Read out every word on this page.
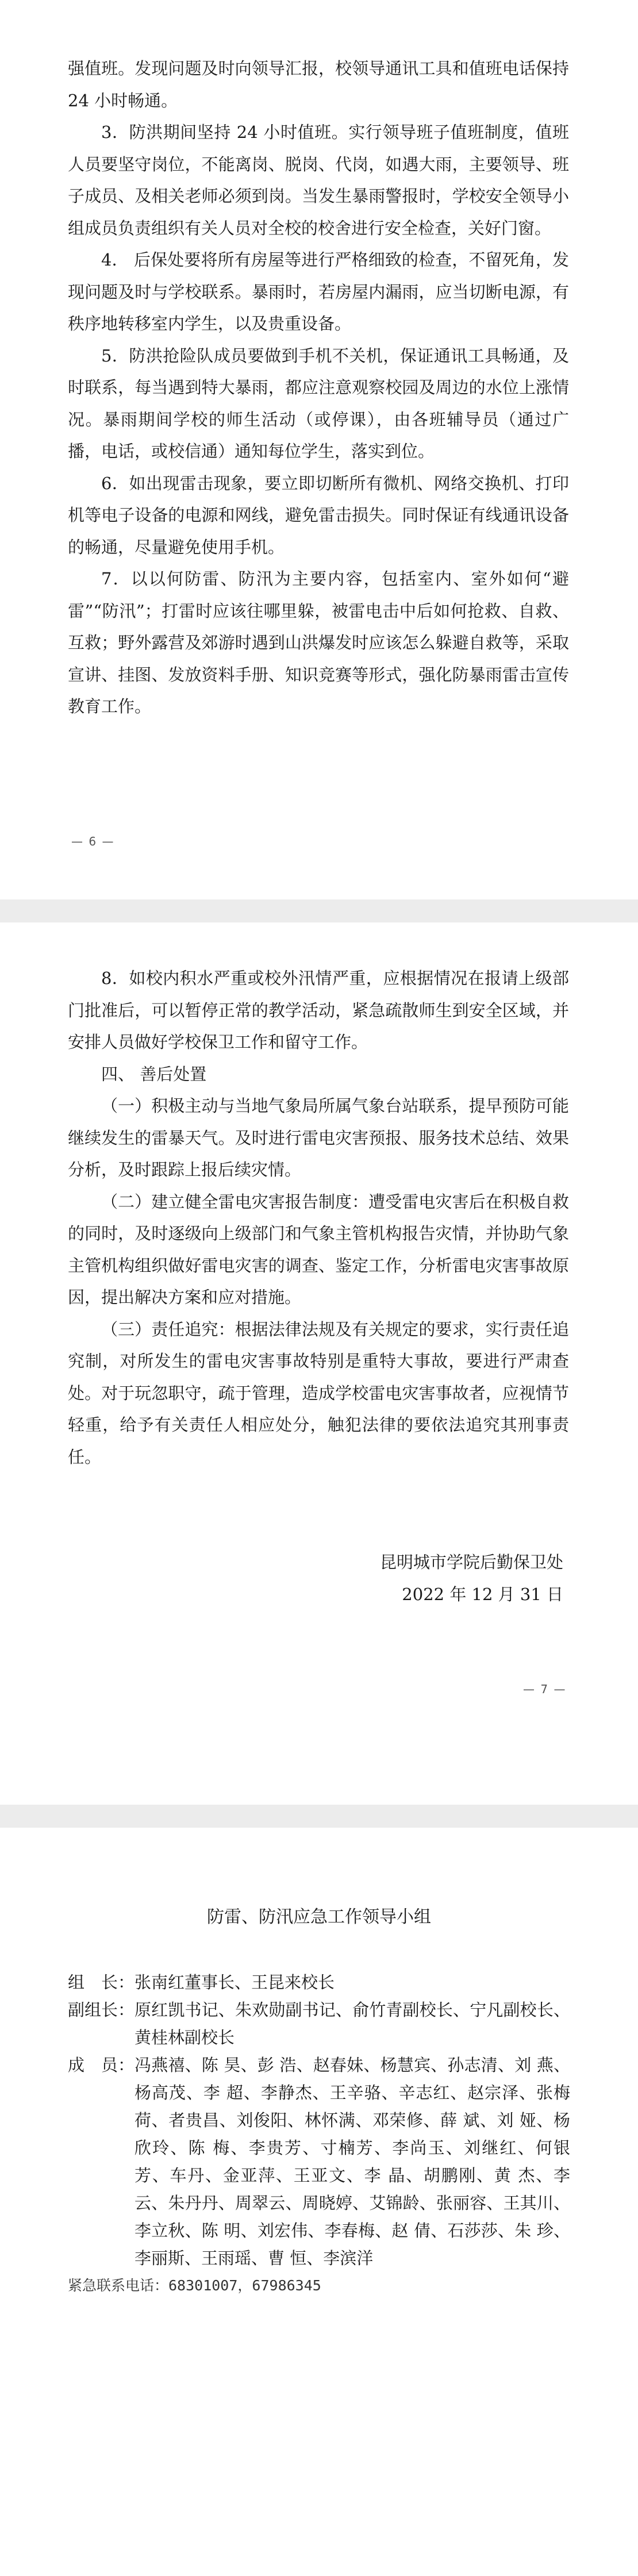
强值班。发现问题及时向领导汇报，校领导通讯工具和值班电话保持 24 小时畅通。

3．防洪期间坚持 24 小时值班。实行领导班子值班制度，值班人员要坚守岗位，不能离岗、脱岗、代岗，如遇大雨，主要领导、班子成员、及相关老师必须到岗。当发生暴雨警报时，学校安全领导小组成员负责组织有关人员对全校的校舍进行安全检查，关好门窗。

4． 后保处要将所有房屋等进行严格细致的检查，不留死角，发现问题及时与学校联系。暴雨时，若房屋内漏雨，应当切断电源，有秩序地转移室内学生，以及贵重设备。

5．防洪抢险队成员要做到手机不关机，保证通讯工具畅通，及时联系，每当遇到特大暴雨，都应注意观察校园及周边的水位上涨情况。暴雨期间学校的师生活动（或停课），由各班辅导员（通过广播，电话，或校信通）通知每位学生，落实到位。

6．如出现雷击现象，要立即切断所有微机、网络交换机、打印机等电子设备的电源和网线，避免雷击损失。同时保证有线通讯设备的畅通，尽量避免使用手机。

7．以以何防雷、防汛为主要内容，包括室内、室外如何“避雷”“防汛”；打雷时应该往哪里躲，被雷电击中后如何抢救、自救、互救；野外露营及郊游时遇到山洪爆发时应该怎么躲避自救等，采取宣讲、挂图、发放资料手册、知识竞赛等形式，强化防暴雨雷击宣传教育工作。

— 6 —

8．如校内积水严重或校外汛情严重，应根据情况在报请上级部门批准后，可以暂停正常的教学活动，紧急疏散师生到安全区域，并安排人员做好学校保卫工作和留守工作。

四、 善后处置

（一）积极主动与当地气象局所属气象台站联系，提早预防可能继续发生的雷暴天气。及时进行雷电灾害预报、服务技术总结、效果分析，及时跟踪上报后续灾情。

（二）建立健全雷电灾害报告制度：遭受雷电灾害后在积极自救的同时，及时逐级向上级部门和气象主管机构报告灾情，并协助气象主管机构组织做好雷电灾害的调查、鉴定工作，分析雷电灾害事故原因，提出解决方案和应对措施。

（三）责任追究：根据法律法规及有关规定的要求，实行责任追究制，对所发生的雷电灾害事故特别是重特大事故，要进行严肃查处。对于玩忽职守，疏于管理，造成学校雷电灾害事故者，应视情节轻重，给予有关责任人相应处分，触犯法律的要依法追究其刑事责任。

昆明城市学院后勤保卫处
2022 年 12 月 31 日
— 7 —
防雷、防汛应急工作领导小组
组　长： 张南红董事长、王昆来校长
副组长： 原红凯书记、朱欢勋副书记、俞竹青副校长、宁凡副校长、黄桂林副校长
成　员： 冯燕禧、陈 昊、彭 浩、赵春妹、杨慧宾、孙志清、刘 燕、杨高茂、李 超、李静杰、王辛骆、辛志红、赵宗泽、张梅荷、者贵昌、刘俊阳、林怀满、邓荣修、薛 斌、刘 娅、杨欣玲、陈 梅、李贵芳、寸楠芳、李尚玉、刘继红、何银芳、车丹、金亚萍、王亚文、李 晶、胡鹏刚、黄 杰、李 云、朱丹丹、周翠云、周晓婷、艾锦龄、张丽容、王其川、李立秋、陈 明、刘宏伟、李春梅、赵 倩、石莎莎、朱 珍、李丽斯、王雨瑶、曹 恒、李滨洋
紧急联系电话：68301007，67986345
